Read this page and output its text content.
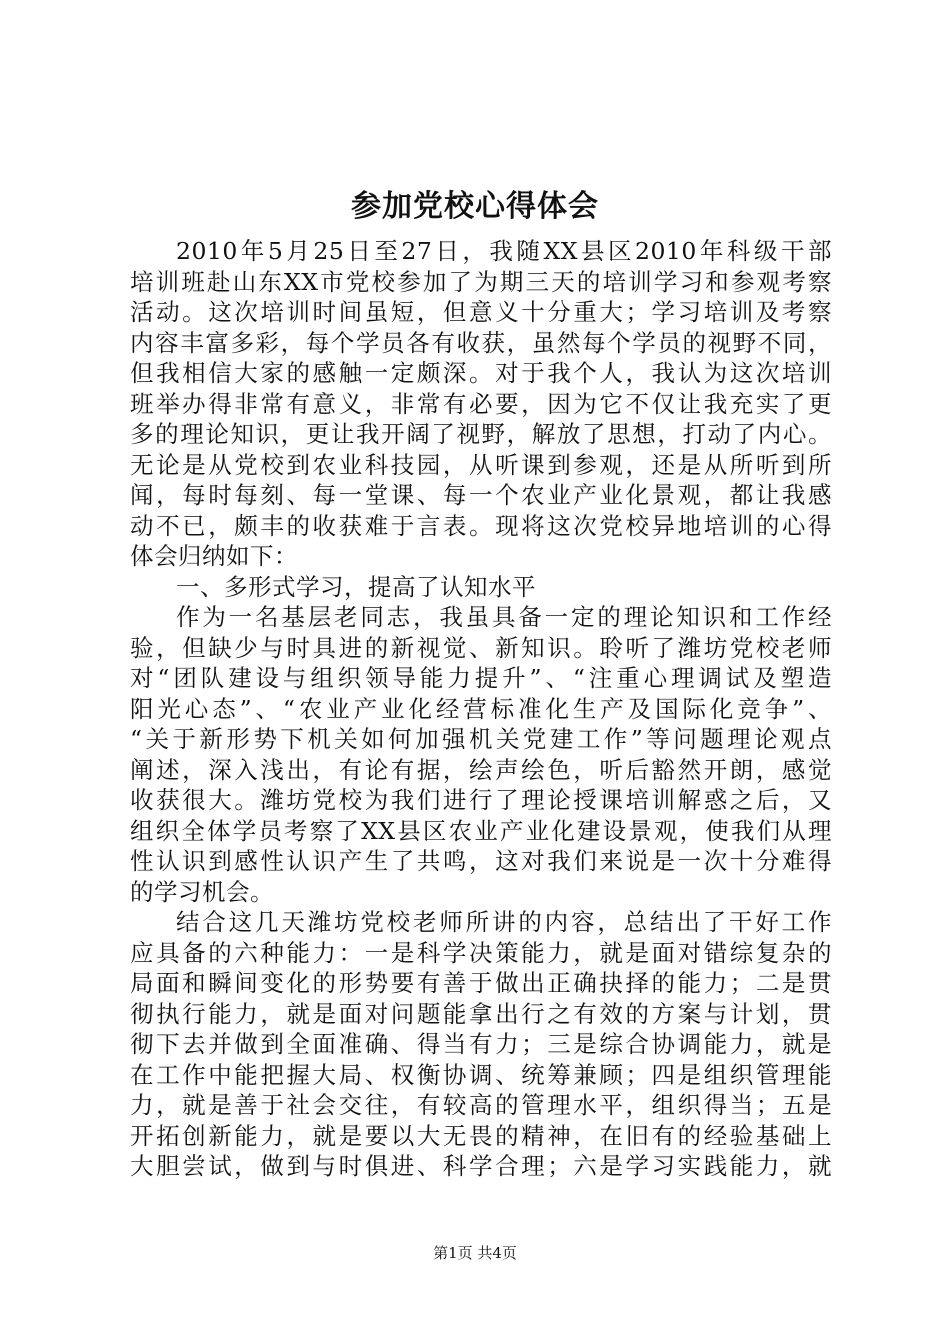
参加党校心得体会
2010年5月25日至27日，我随XX县区2010年科级干部
培训班赴山东XX市党校参加了为期三天的培训学习和参观考察
活动。这次培训时间虽短，但意义十分重大；学习培训及考察
内容丰富多彩，每个学员各有收获，虽然每个学员的视野不同，
但我相信大家的感触一定颇深。对于我个人，我认为这次培训
班举办得非常有意义，非常有必要，因为它不仅让我充实了更
多的理论知识，更让我开阔了视野，解放了思想，打动了内心。
无论是从党校到农业科技园，从听课到参观，还是从所听到所
闻，每时每刻、每一堂课、每一个农业产业化景观，都让我感
动不已，颇丰的收获难于言表。现将这次党校异地培训的心得
体会归纳如下：
一、多形式学习，提高了认知水平
作为一名基层老同志，我虽具备一定的理论知识和工作经
验，但缺少与时具进的新视觉、新知识。聆听了潍坊党校老师
对“团队建设与组织领导能力提升”、“注重心理调试及塑造
阳光心态”、“农业产业化经营标准化生产及国际化竞争”、
“关于新形势下机关如何加强机关党建工作”等问题理论观点
阐述，深入浅出，有论有据，绘声绘色，听后豁然开朗，感觉
收获很大。潍坊党校为我们进行了理论授课培训解惑之后，又
组织全体学员考察了XX县区农业产业化建设景观，使我们从理
性认识到感性认识产生了共鸣，这对我们来说是一次十分难得
的学习机会。
结合这几天潍坊党校老师所讲的内容，总结出了干好工作
应具备的六种能力：一是科学决策能力，就是面对错综复杂的
局面和瞬间变化的形势要有善于做出正确抉择的能力；二是贯
彻执行能力，就是面对问题能拿出行之有效的方案与计划，贯
彻下去并做到全面准确、得当有力；三是综合协调能力，就是
在工作中能把握大局、权衡协调、统筹兼顾；四是组织管理能
力，就是善于社会交往，有较高的管理水平，组织得当；五是
开拓创新能力，就是要以大无畏的精神，在旧有的经验基础上
大胆尝试，做到与时俱进、科学合理；六是学习实践能力，就
第1页 共4页
